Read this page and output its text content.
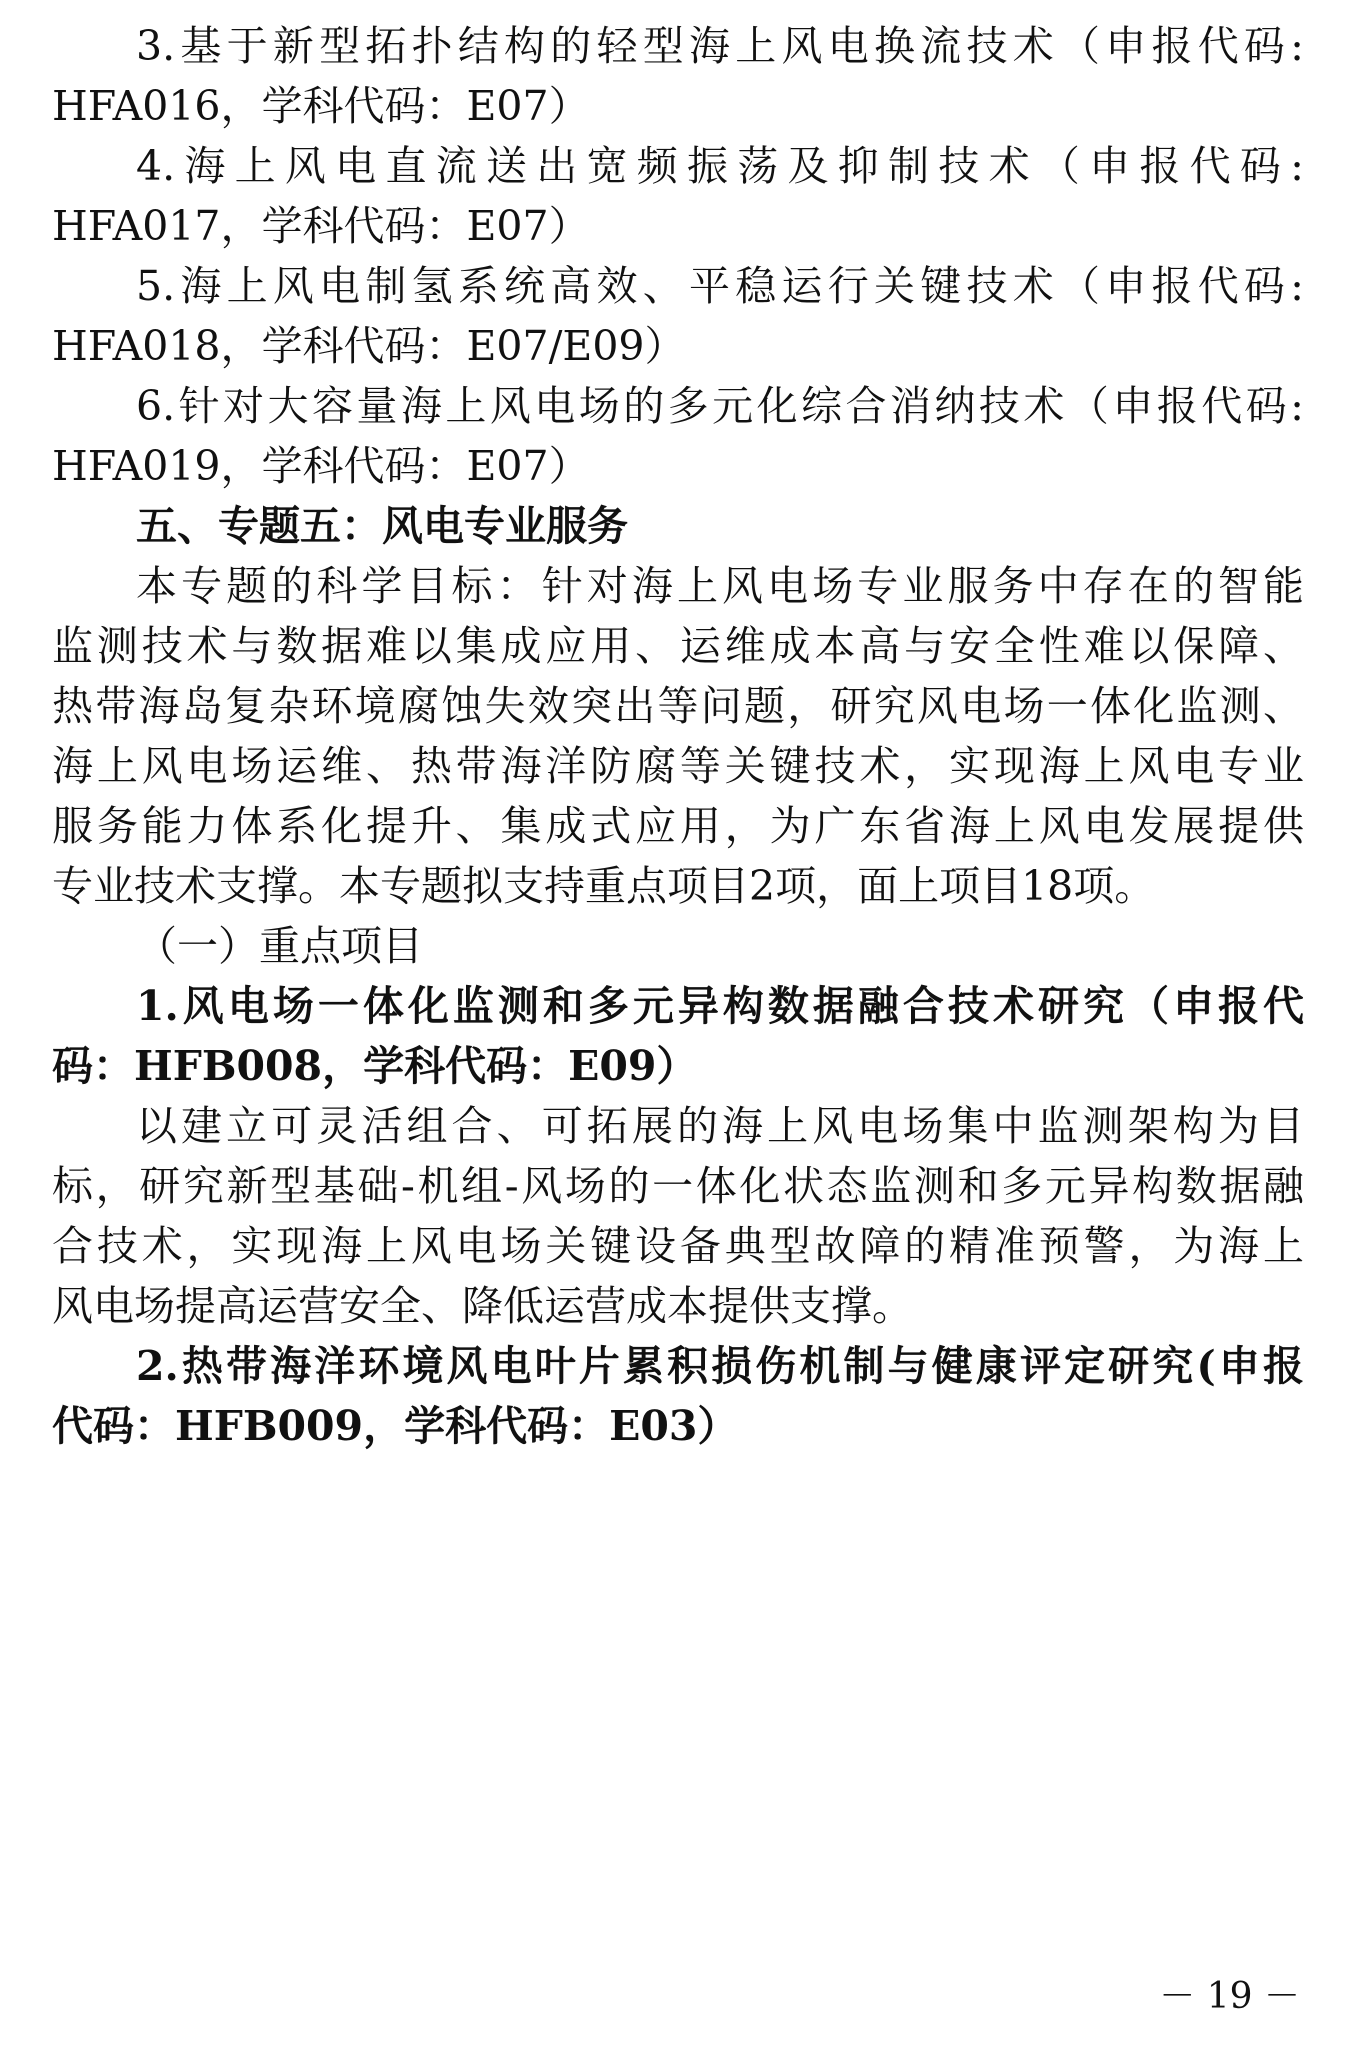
3.基于新型拓扑结构的轻型海上风电换流技术（申报代码:
HFA016，学科代码：E07）
4.海上风电直流送出宽频振荡及抑制技术（申报代码:
HFA017，学科代码：E07）
5.海上风电制氢系统高效、平稳运行关键技术（申报代码:
HFA018，学科代码：E07/E09）
6.针对大容量海上风电场的多元化综合消纳技术（申报代码:
HFA019，学科代码：E07）
五、专题五：风电专业服务
本专题的科学目标：针对海上风电场专业服务中存在的智能
监测技术与数据难以集成应用、运维成本高与安全性难以保障、
热带海岛复杂环境腐蚀失效突出等问题，研究风电场一体化监测、
海上风电场运维、热带海洋防腐等关键技术，实现海上风电专业
服务能力体系化提升、集成式应用，为广东省海上风电发展提供
专业技术支撑。本专题拟支持重点项目2项，面上项目18项。
（一）重点项目
1.风电场一体化监测和多元异构数据融合技术研究（申报代
码：HFB008，学科代码：E09）
以建立可灵活组合、可拓展的海上风电场集中监测架构为目
标，研究新型基础-机组-风场的一体化状态监测和多元异构数据融
合技术，实现海上风电场关键设备典型故障的精准预警，为海上
风电场提高运营安全、降低运营成本提供支撑。
2.热带海洋环境风电叶片累积损伤机制与健康评定研究(申报
代码：HFB009，学科代码：E03）
－ 19 －
